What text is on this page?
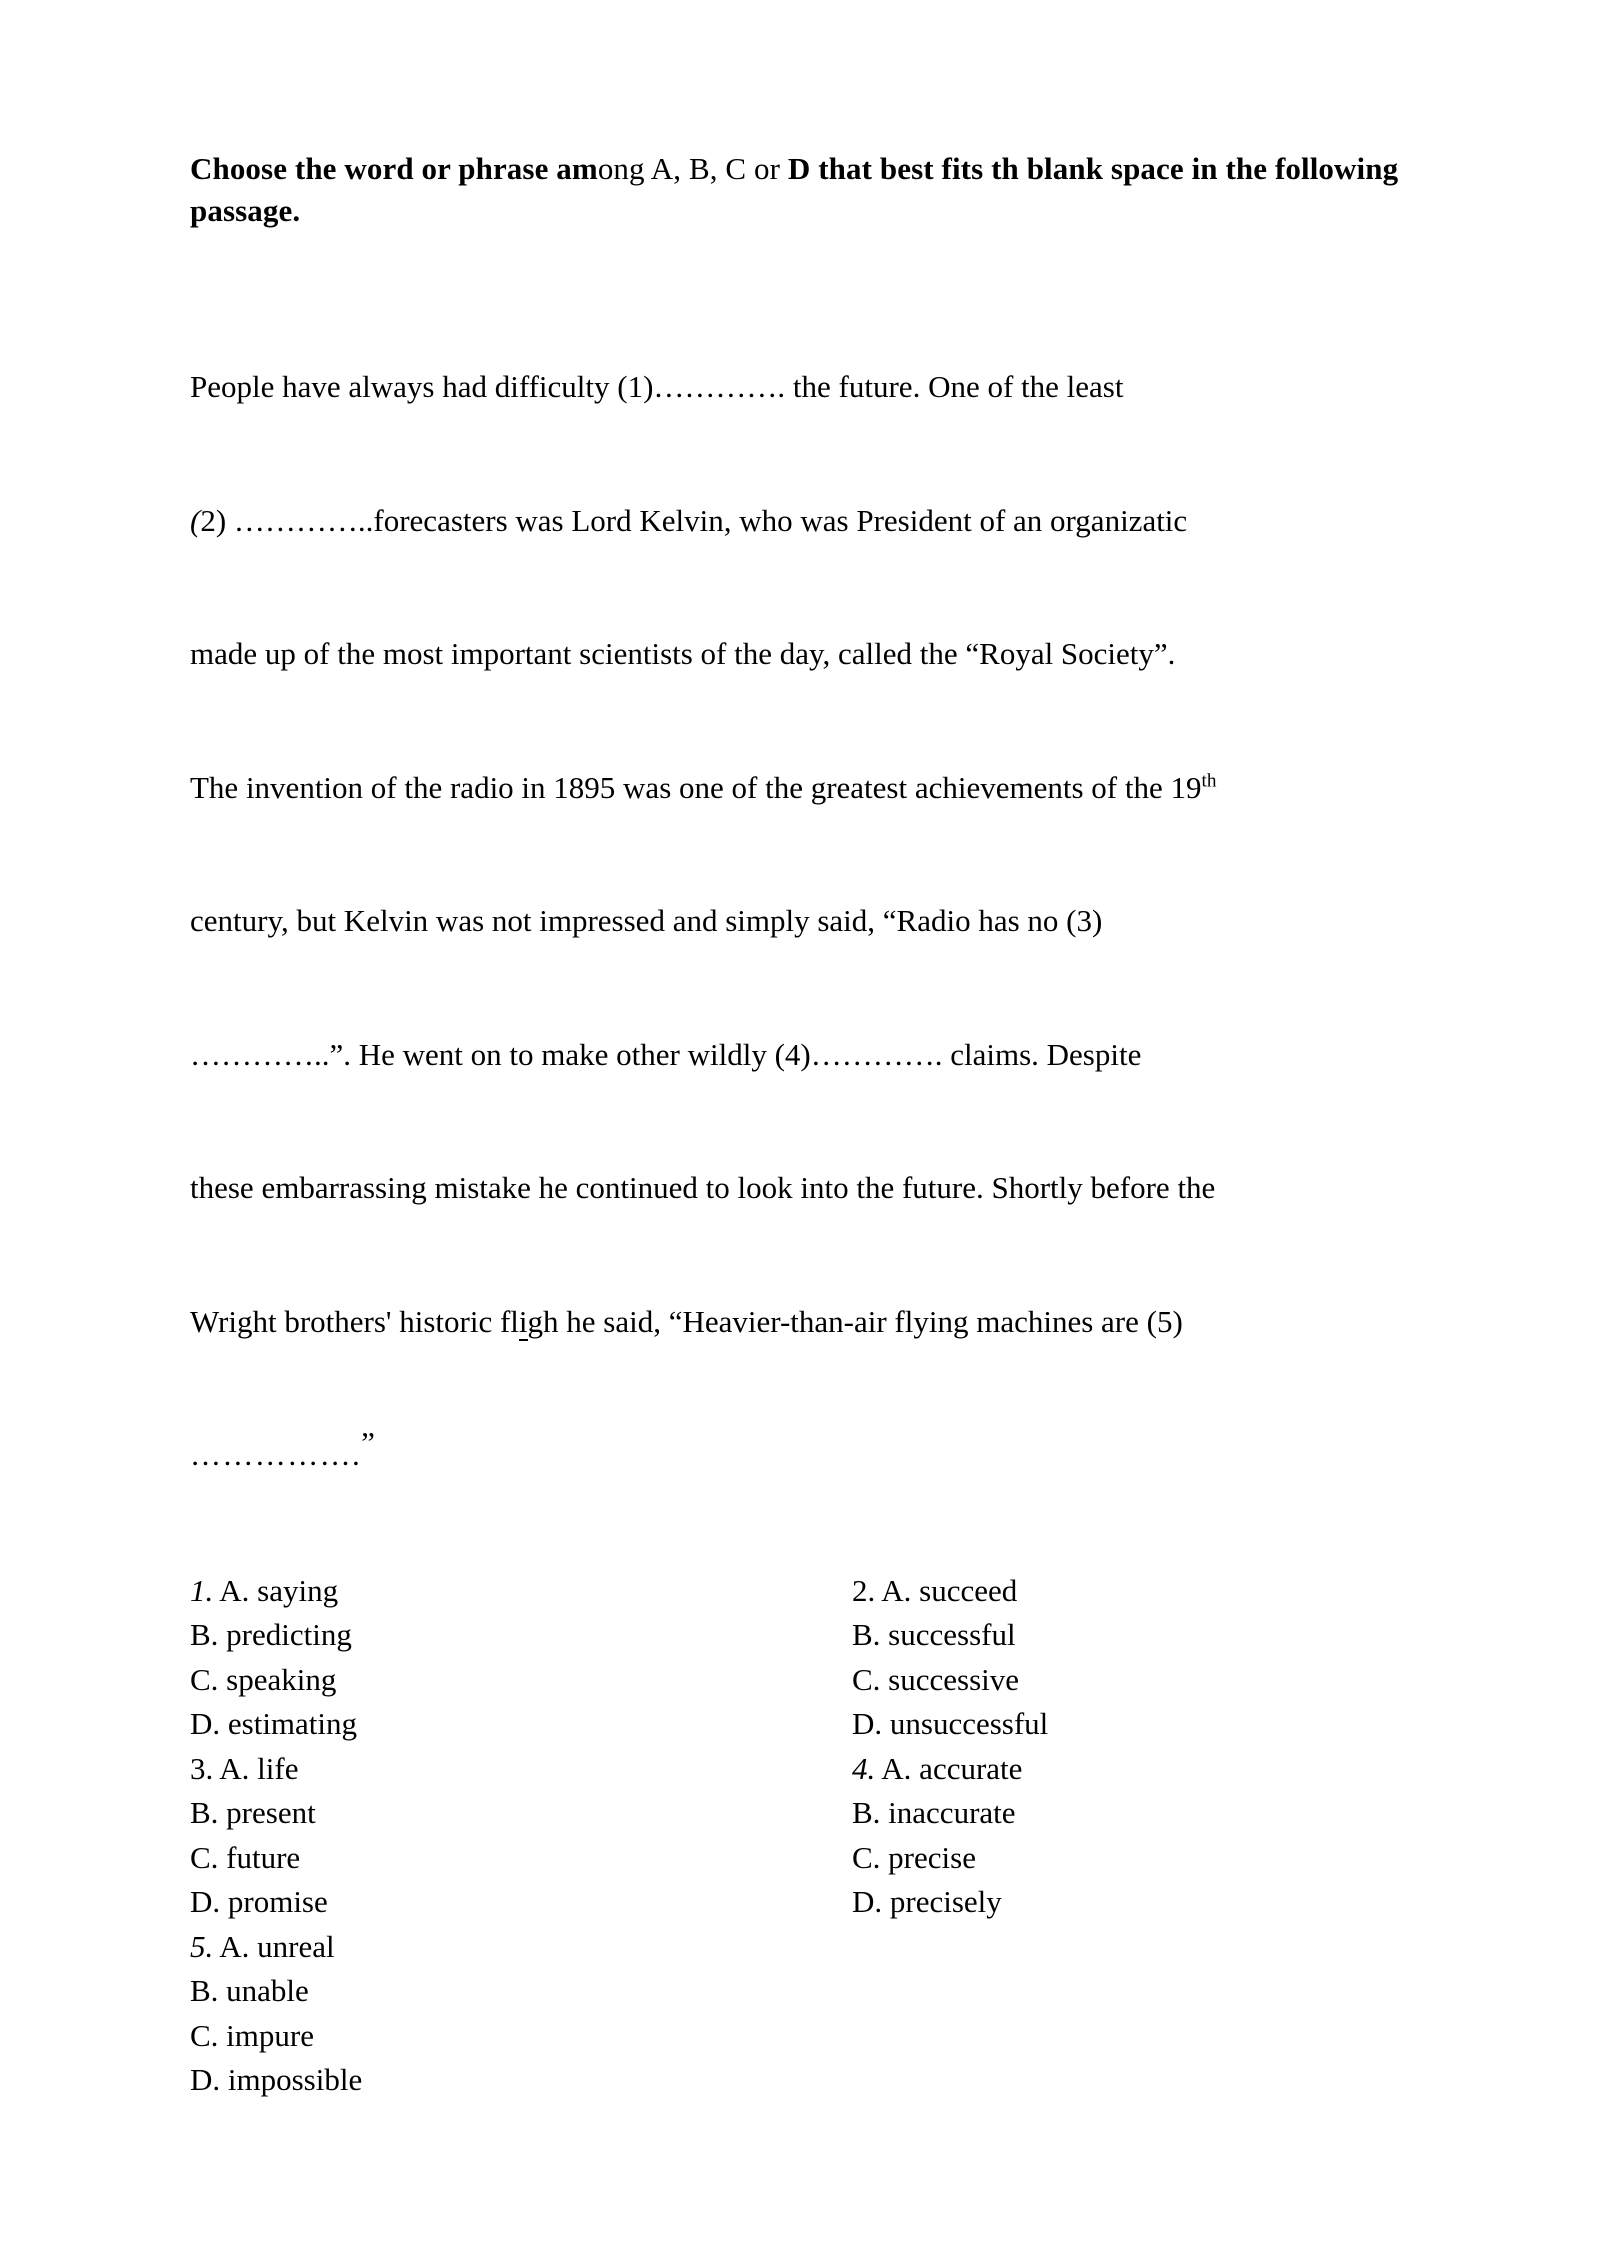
Choose the word or phrase among A, B, C or D that best fits th blank space in the following passage.

People have always had difficulty (1)…………. the future. One of the least

(2) …………..forecasters was Lord Kelvin, who was President of an organizatic

made up of the most important scientists of the day, called the “Royal Society”.

The invention of the radio in 1895 was one of the greatest achievements of the 19th

century, but Kelvin was not impressed and simply said, “Radio has no (3)

…………..”. He went on to make other wildly (4)…………. claims. Despite

these embarrassing mistake he continued to look into the future. Shortly before the

Wright brothers' historic fligh he said, “Heavier-than-air flying machines are (5)

…………….”

1. A. saying
B. predicting
C. speaking
D. estimating
3. A. life
B. present
C. future
D. promise
5. A. unreal
B. unable
C. impure
D. impossible
2. A. succeed
B. successful
C. successive
D. unsuccessful
4. A. accurate
B. inaccurate
C. precise
D. precisely
